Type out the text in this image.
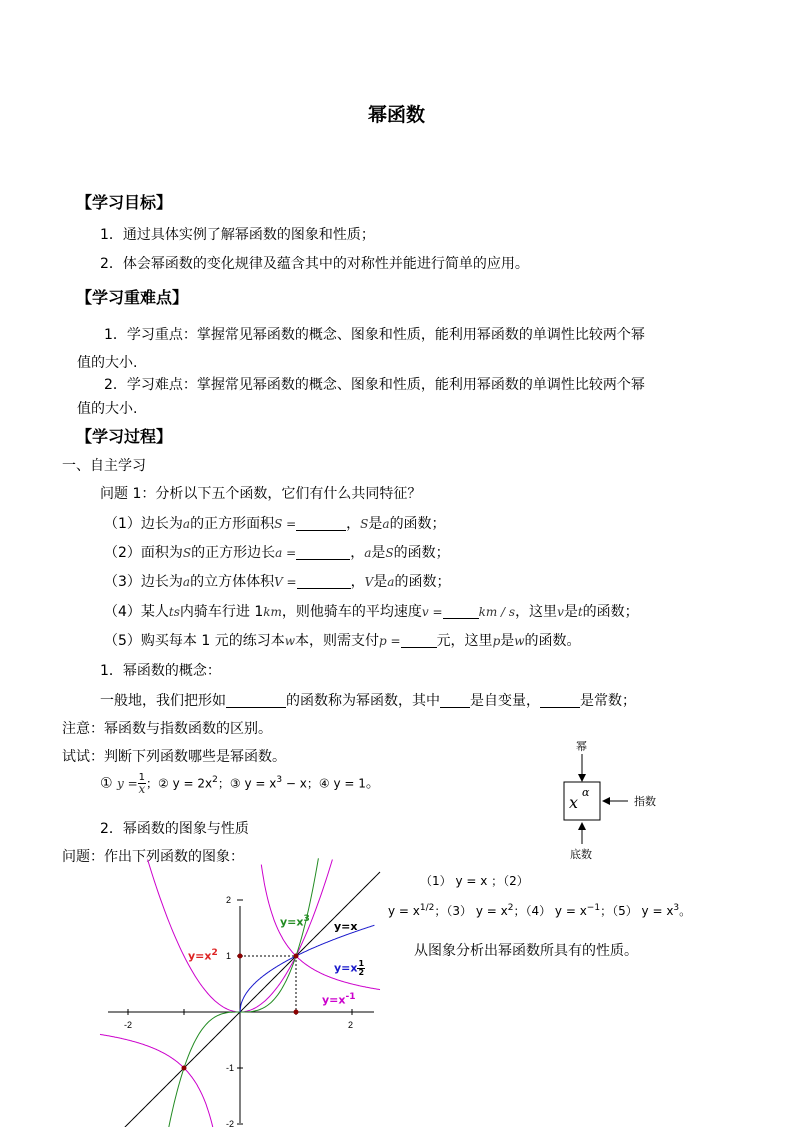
幂函数
【学习目标】
1．通过具体实例了解幂函数的图象和性质；
2．体会幂函数的变化规律及蕴含其中的对称性并能进行简单的应用。
【学习重难点】
1．学习重点：掌握常见幂函数的概念、图象和性质，能利用幂函数的单调性比较两个幂
值的大小.
2．学习难点：掌握常见幂函数的概念、图象和性质，能利用幂函数的单调性比较两个幂
值的大小.
【学习过程】
一、自主学习
问题 1：分析以下五个函数，它们有什么共同特征？
（1）边长为a的正方形面积S =	，S是a的函数；
（2）面积为S的正方形边长a =	，a是S的函数；
（3）边长为a的立方体体积V =	，V是a的函数；
（4）某人ts内骑车行进 1km，则他骑车的平均速度v =	km / s，这里v是t的函数；
（5）购买每本 1 元的练习本w本，则需支付p =	元，这里p是w的函数。
1．幂函数的概念：
一般地，我们把形如	的函数称为幂函数，其中 是自变量，	是常数；
注意：幂函数与指数函数的区别。
试试：判断下列函数哪些是幂函数。
① $y = \frac{1}{x}$ ；② $y = 2x^2$；③ $y = x^3 - x$；④ y = 1。
幂
指数
底数
x
α
2．幂函数的图象与性质
问题：作出下列函数的图象：
（1） y = x ；（2）
$y = x^{1/2}$；（3） $y = x^2$；（4） $y = x^{-1}$；（5） $y = x^3$。
从图象分析出幂函数所具有的性质。
-2	2
2
1
-1
-2
$y=x^2$
$y=x^3$
y=x
$y=x \frac{1}{2}$
$y=x^{-1}$
